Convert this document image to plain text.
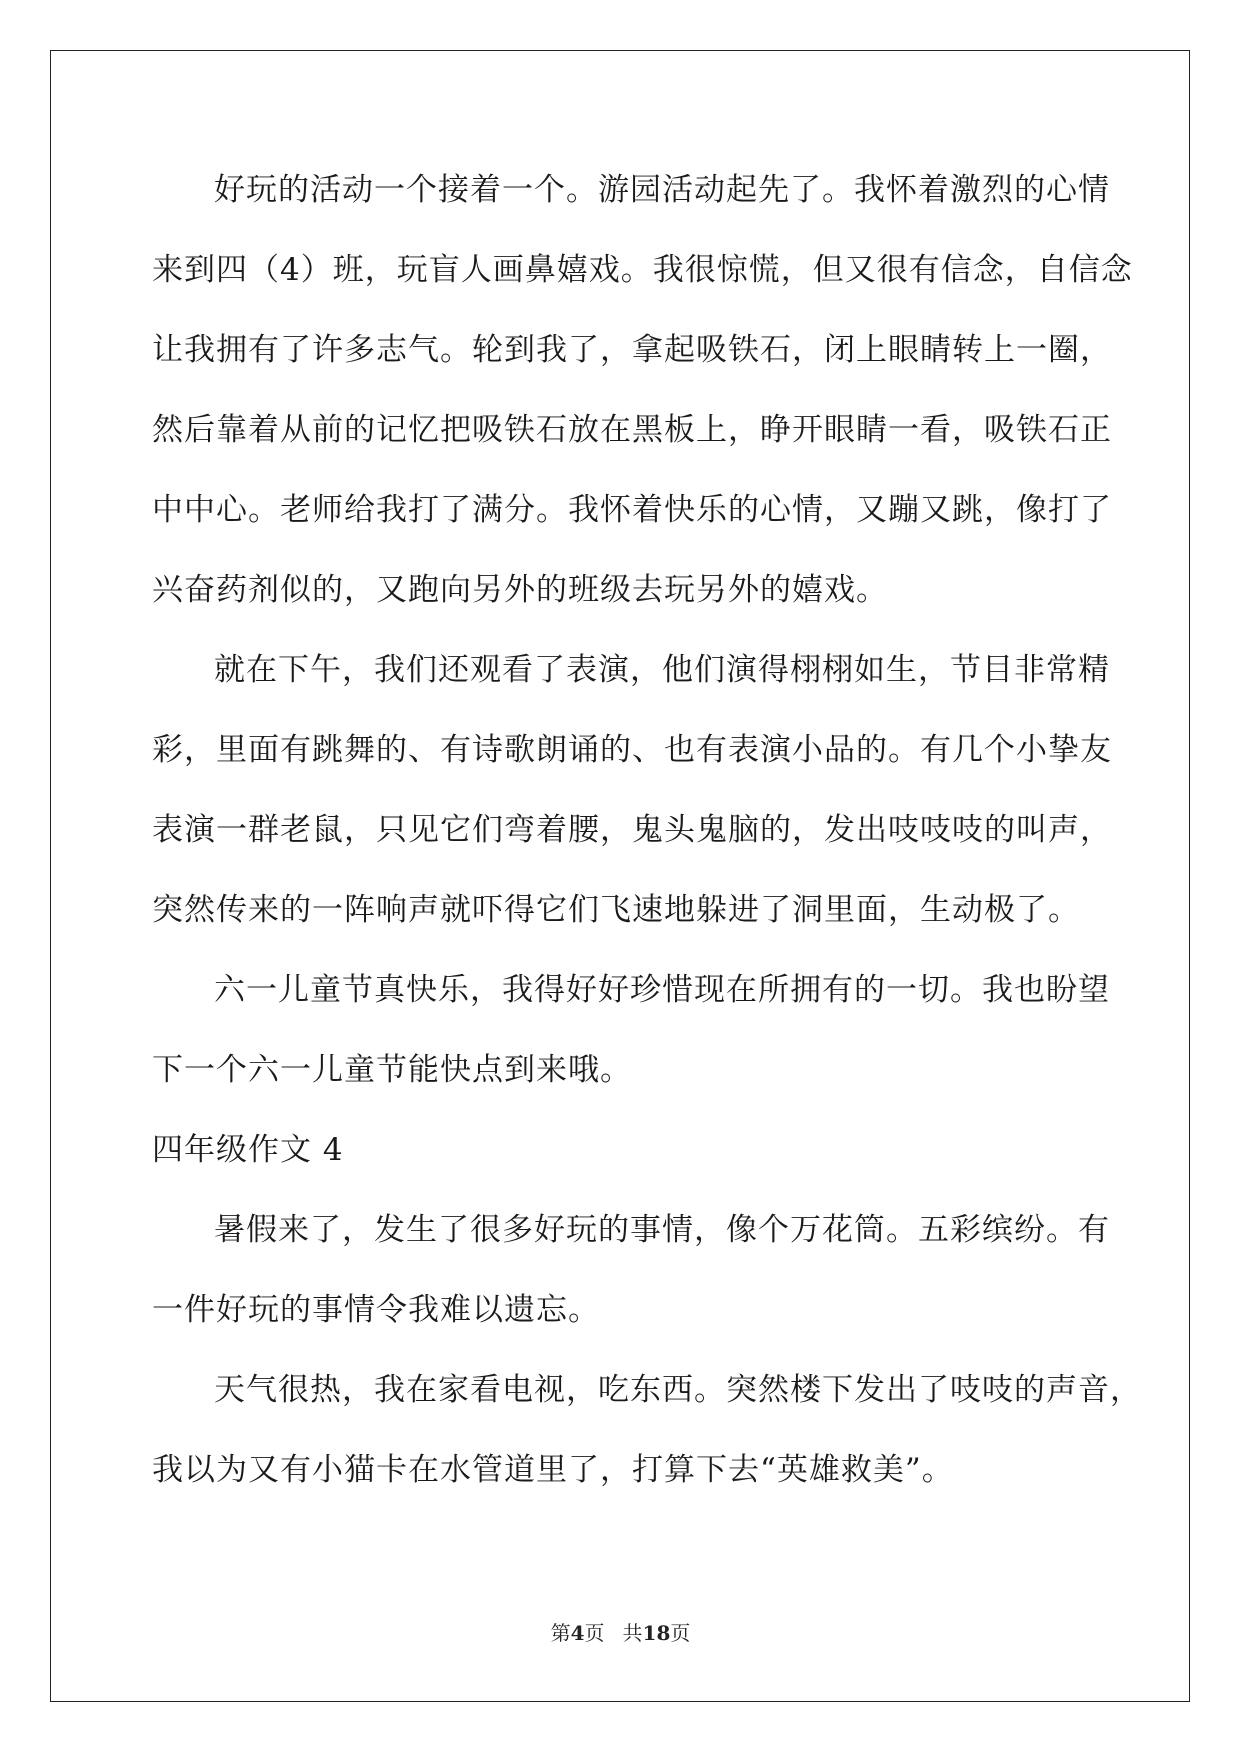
好玩的活动一个接着一个。游园活动起先了。我怀着激烈的心情
来到四（4）班，玩盲人画鼻嬉戏。我很惊慌，但又很有信念，自信念
让我拥有了许多志气。轮到我了，拿起吸铁石，闭上眼睛转上一圈，
然后靠着从前的记忆把吸铁石放在黑板上，睁开眼睛一看，吸铁石正
中中心。老师给我打了满分。我怀着快乐的心情，又蹦又跳，像打了
兴奋药剂似的，又跑向另外的班级去玩另外的嬉戏。
就在下午，我们还观看了表演，他们演得栩栩如生，节目非常精
彩，里面有跳舞的、有诗歌朗诵的、也有表演小品的。有几个小挚友
表演一群老鼠，只见它们弯着腰，鬼头鬼脑的，发出吱吱吱的叫声，
突然传来的一阵响声就吓得它们飞速地躲进了洞里面，生动极了。
六一儿童节真快乐，我得好好珍惜现在所拥有的一切。我也盼望
下一个六一儿童节能快点到来哦。
四年级作文 4
暑假来了，发生了很多好玩的事情，像个万花筒。五彩缤纷。有
一件好玩的事情令我难以遗忘。
天气很热，我在家看电视，吃东西。突然楼下发出了吱吱的声音，
我以为又有小猫卡在水管道里了，打算下去“英雄救美”。
第4页 共18页
